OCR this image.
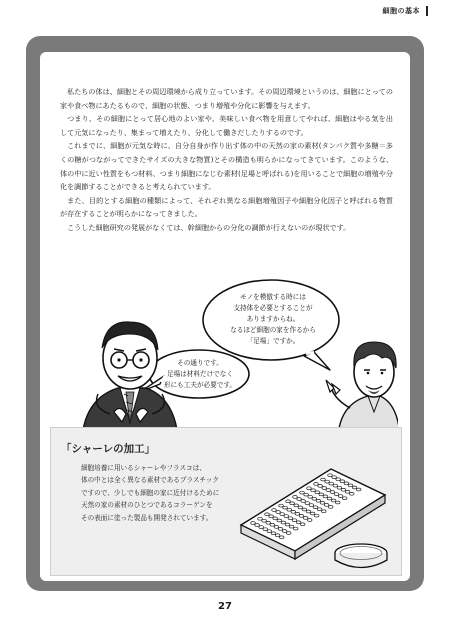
細胞の基本

私たちの体は、細胞とその周辺環境から成り立っています。その周辺環境というのは、細胞にとっての家や食べ物にあたるもので、細胞の状態、つまり増殖や分化に影響を与えます。

つまり、その細胞にとって居心地のよい家や、美味しい食べ物を用意してやれば、細胞はやる気を出して元気になったり、集まって増えたり、分化して働きだしたりするのです。

これまでに、細胞が元気な時に、自分自身が作り出す体の中の天然の家の素材(タンパク質や多糖＝多くの糖がつながってできたサイズの大きな物質)とその構造も明らかになってきています。このような、体の中に近い性質をもつ材料、つまり細胞になじむ素材(足場と呼ばれる)を用いることで細胞の増殖や分化を調節することができると考えられています。

また、目的とする細胞の種類によって、それぞれ異なる細胞増殖因子や細胞分化因子と呼ばれる物質が存在することが明らかになってきました。

こうした細胞研究の発展がなくては、幹細胞からの分化の調節が行えないのが現状です。

モノを模倣する時には
支持体を必要とすることが
ありますからね。
なるほど細胞の家を作るから
「足場」ですか。
その通りです。
足場は材料だけでなく
形にも工夫が必要です。
「シャーレの加工」
細胞培養に用いるシャーレやフラスコは、
体の中とは全く異なる素材であるプラスチック
ですので、少しでも細胞の家に近付けるために
天然の家の素材のひとつであるコラーゲンを
その表面に塗った製品も開発されています。
27
